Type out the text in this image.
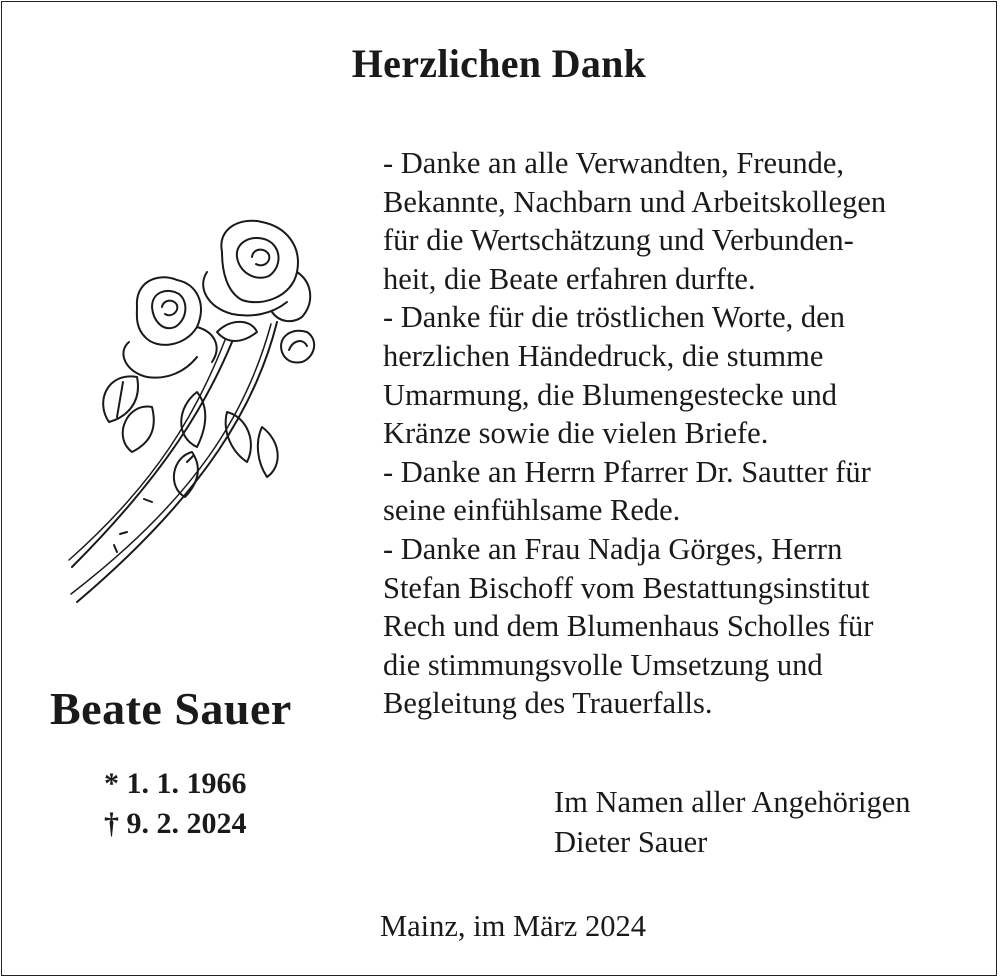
Herzlichen Dank
Beate Sauer
* 1. 1. 1966
† 9. 2. 2024

- Danke an alle Verwandten, Freunde,

Bekannte, Nachbarn und Arbeitskollegen

für die Wertschätzung und Verbunden-

heit, die Beate erfahren durfte.

- Danke für die tröstlichen Worte, den

herzlichen Händedruck, die stumme

Umarmung, die Blumengestecke und

Kränze sowie die vielen Briefe.

- Danke an Herrn Pfarrer Dr. Sautter für

seine einfühlsame Rede.

- Danke an Frau Nadja Görges, Herrn

Stefan Bischoff vom Bestattungsinstitut

Rech und dem Blumenhaus Scholles für

die stimmungsvolle Umsetzung und

Begleitung des Trauerfalls.

Im Namen aller Angehörigen
Dieter Sauer
Mainz, im März 2024
